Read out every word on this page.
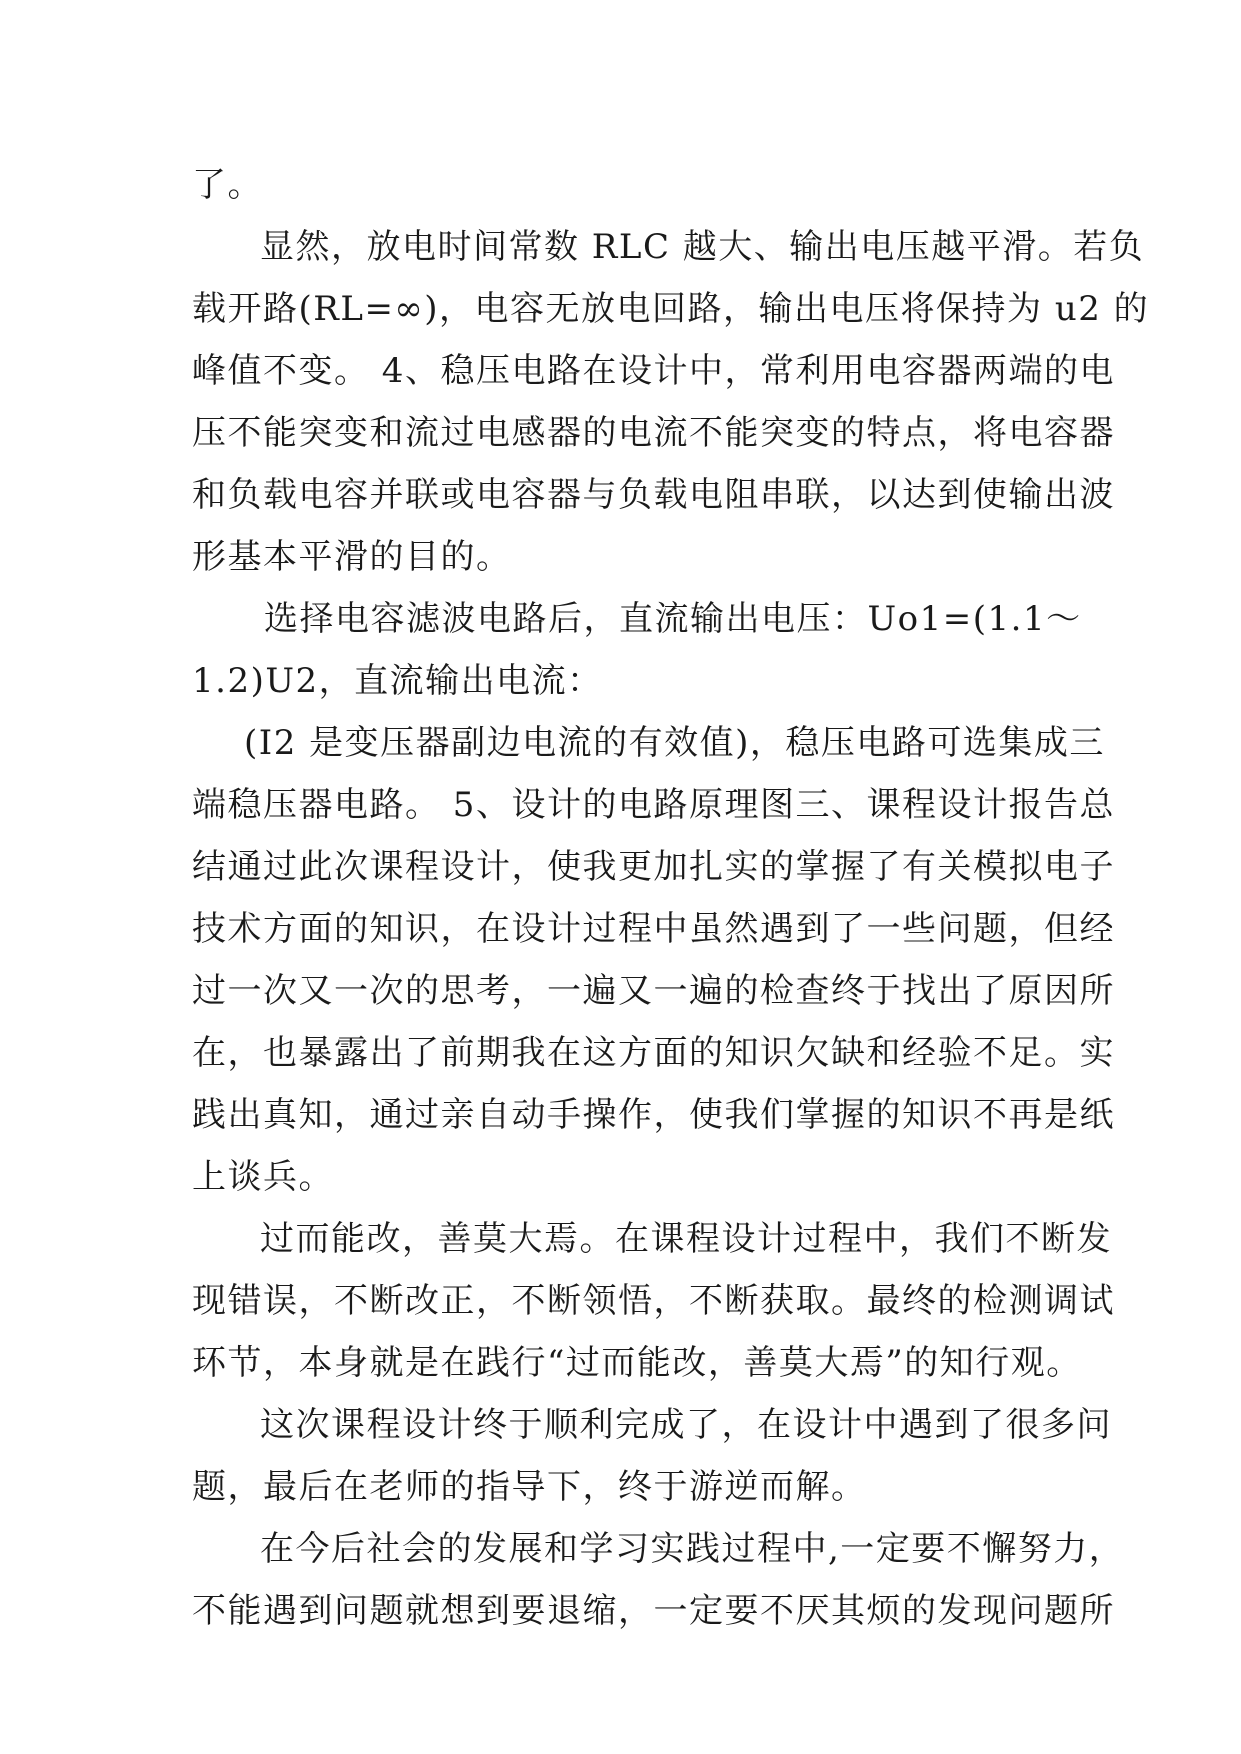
了。
显然，放电时间常数 RLC 越大、输出电压越平滑。若负
载开路(RL=∞)，电容无放电回路，输出电压将保持为 u2 的
峰值不变。 4、稳压电路在设计中，常利用电容器两端的电
压不能突变和流过电感器的电流不能突变的特点，将电容器
和负载电容并联或电容器与负载电阻串联，以达到使输出波
形基本平滑的目的。
选择电容滤波电路后，直流输出电压：Uo1=(1.1～
1.2)U2，直流输出电流：
(I2 是变压器副边电流的有效值)，稳压电路可选集成三
端稳压器电路。 5、设计的电路原理图三、课程设计报告总
结通过此次课程设计，使我更加扎实的掌握了有关模拟电子
技术方面的知识，在设计过程中虽然遇到了一些问题，但经
过一次又一次的思考，一遍又一遍的检查终于找出了原因所
在，也暴露出了前期我在这方面的知识欠缺和经验不足。实
践出真知，通过亲自动手操作，使我们掌握的知识不再是纸
上谈兵。
过而能改，善莫大焉。在课程设计过程中，我们不断发
现错误，不断改正，不断领悟，不断获取。最终的检测调试
环节，本身就是在践行“过而能改，善莫大焉”的知行观。
这次课程设计终于顺利完成了，在设计中遇到了很多问
题，最后在老师的指导下，终于游逆而解。
在今后社会的发展和学习实践过程中,一定要不懈努力，
不能遇到问题就想到要退缩，一定要不厌其烦的发现问题所
